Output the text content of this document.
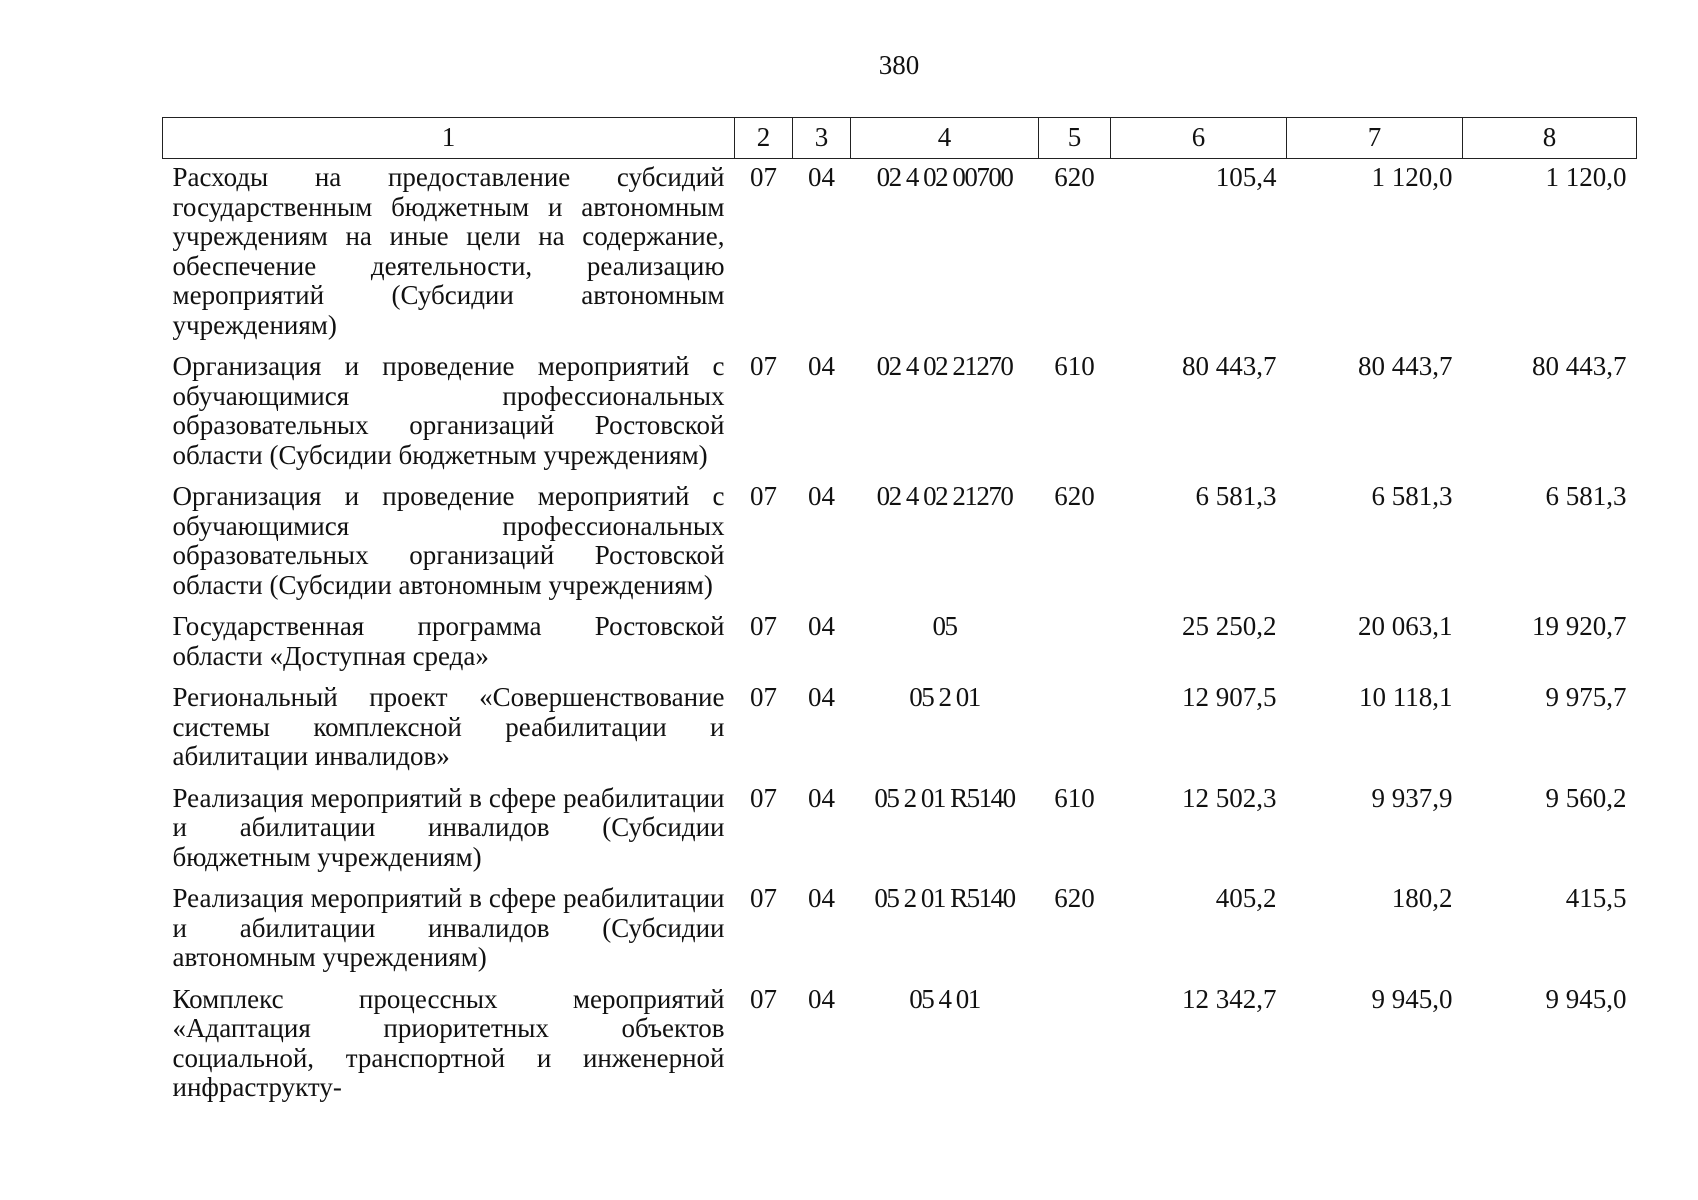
380
1	2	3	4	5	6	7	8
Расходы на предоставление субсидий государственным бюджетным и автономным учреждениям на иные цели на содержание, обеспечение деятельности, реализацию мероприятий (Субсидии автономным учреждениям)	07	04	02 4 02 00700	620	105,4	1 120,0	1 120,0
Организация и проведение мероприятий с обучающимися профессиональных образовательных организаций Ростовской области (Субсидии бюджетным учреждениям)	07	04	02 4 02 21270	610	80 443,7	80 443,7	80 443,7
Организация и проведение мероприятий с обучающимися профессиональных образовательных организаций Ростовской области (Субсидии автономным учреждениям)	07	04	02 4 02 21270	620	6 581,3	6 581,3	6 581,3
Государственная программа Ростовской области «Доступная среда»	07	04	05		25 250,2	20 063,1	19 920,7
Региональный проект «Совершенствование системы комплексной реабилитации и абилитации инвалидов»	07	04	05 2 01		12 907,5	10 118,1	9 975,7
Реализация мероприятий в сфере реабилитации и абилитации инвалидов (Субсидии бюджетным учреждениям)	07	04	05 2 01 R5140	610	12 502,3	9 937,9	9 560,2
Реализация мероприятий в сфере реабилитации и абилитации инвалидов (Субсидии автономным учреждениям)	07	04	05 2 01 R5140	620	405,2	180,2	415,5
Комплекс процессных мероприятий «Адаптация приоритетных объектов социальной, транспортной и инженерной инфраструкту-	07	04	05 4 01		12 342,7	9 945,0	9 945,0
